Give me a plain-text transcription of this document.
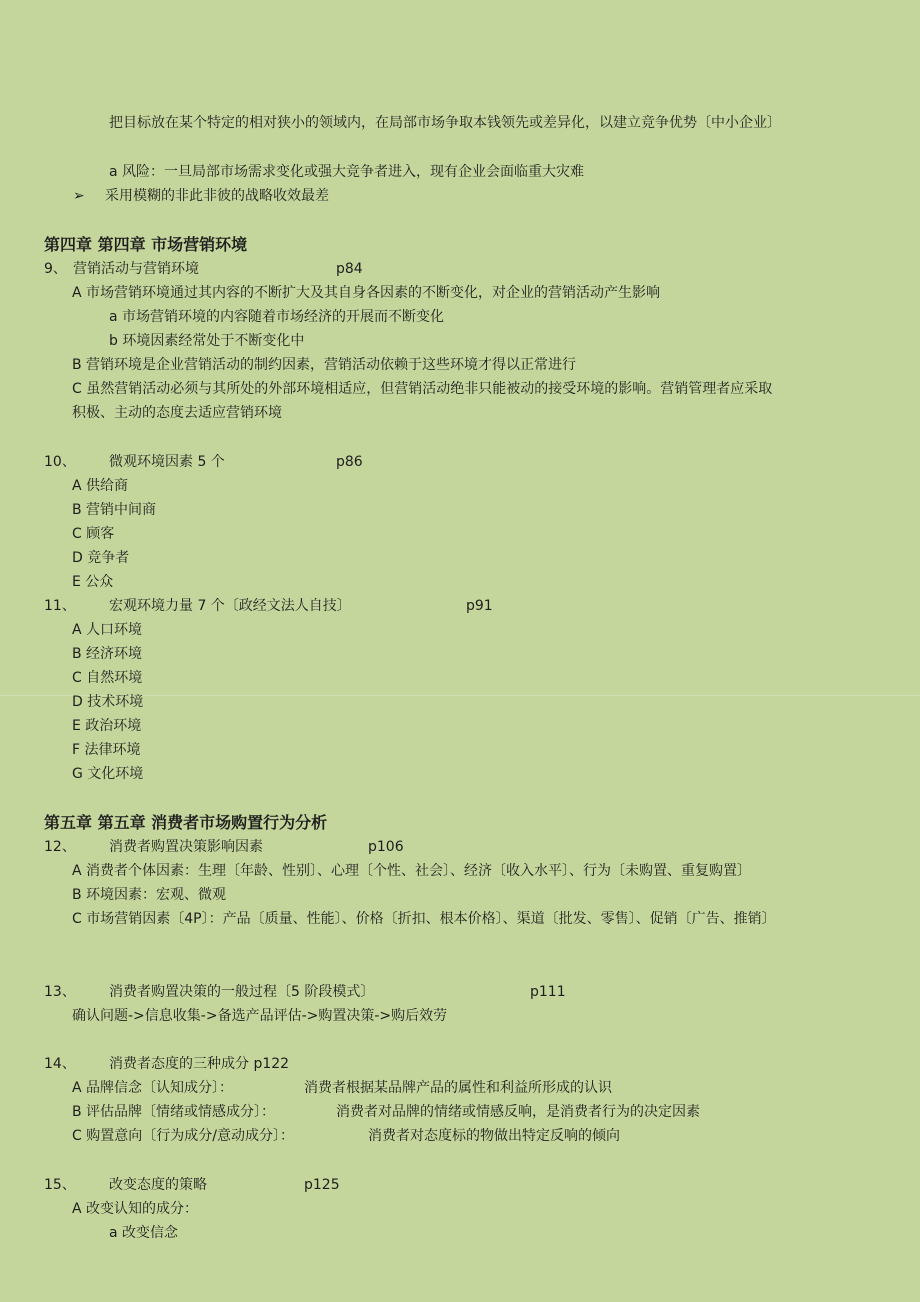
把目标放在某个特定的相对狭小的领域内，在局部市场争取本钱领先或差异化，以建立竞争优势〔中小企业〕
a 风险：一旦局部市场需求变化或强大竞争者进入，现有企业会面临重大灾难
➢ 采用模糊的非此非彼的战略收效最差
第四章 第四章 市场营销环境
9、 营销活动与营销环境	p84
A 市场营销环境通过其内容的不断扩大及其自身各因素的不断变化，对企业的营销活动产生影响
a 市场营销环境的内容随着市场经济的开展而不断变化
b 环境因素经常处于不断变化中
B 营销环境是企业营销活动的制约因素，营销活动依赖于这些环境才得以正常进行
C 虽然营销活动必须与其所处的外部环境相适应，但营销活动绝非只能被动的接受环境的影响。营销管理者应采取
积极、主动的态度去适应营销环境
10、 微观环境因素 5 个	p86
A 供给商
B 营销中间商
C 顾客
D 竞争者
E 公众
11、 宏观环境力量 7 个〔政经文法人自技〕	p91
A 人口环境
B 经济环境
C 自然环境
D 技术环境
E 政治环境
F 法律环境
G 文化环境
第五章 第五章 消费者市场购置行为分析
12、 消费者购置决策影响因素	p106
A 消费者个体因素：生理〔年龄、性别〕、心理〔个性、社会〕、经济〔收入水平〕、行为〔未购置、重复购置〕
B 环境因素：宏观、微观
C 市场营销因素〔4P〕：产品〔质量、性能〕、价格〔折扣、根本价格〕、渠道〔批发、零售〕、促销〔广告、推销〕
13、 消费者购置决策的一般过程〔5 阶段模式〕	p111
确认问题->信息收集->备选产品评估->购置决策->购后效劳
14、 消费者态度的三种成分 p122
A 品牌信念〔认知成分〕：	消费者根据某品牌产品的属性和利益所形成的认识
B 评估品牌〔情绪或情感成分〕：	消费者对品牌的情绪或情感反响，是消费者行为的决定因素
C 购置意向〔行为成分/意动成分〕：	消费者对态度标的物做出特定反响的倾向
15、 改变态度的策略	p125
A 改变认知的成分：
a 改变信念
